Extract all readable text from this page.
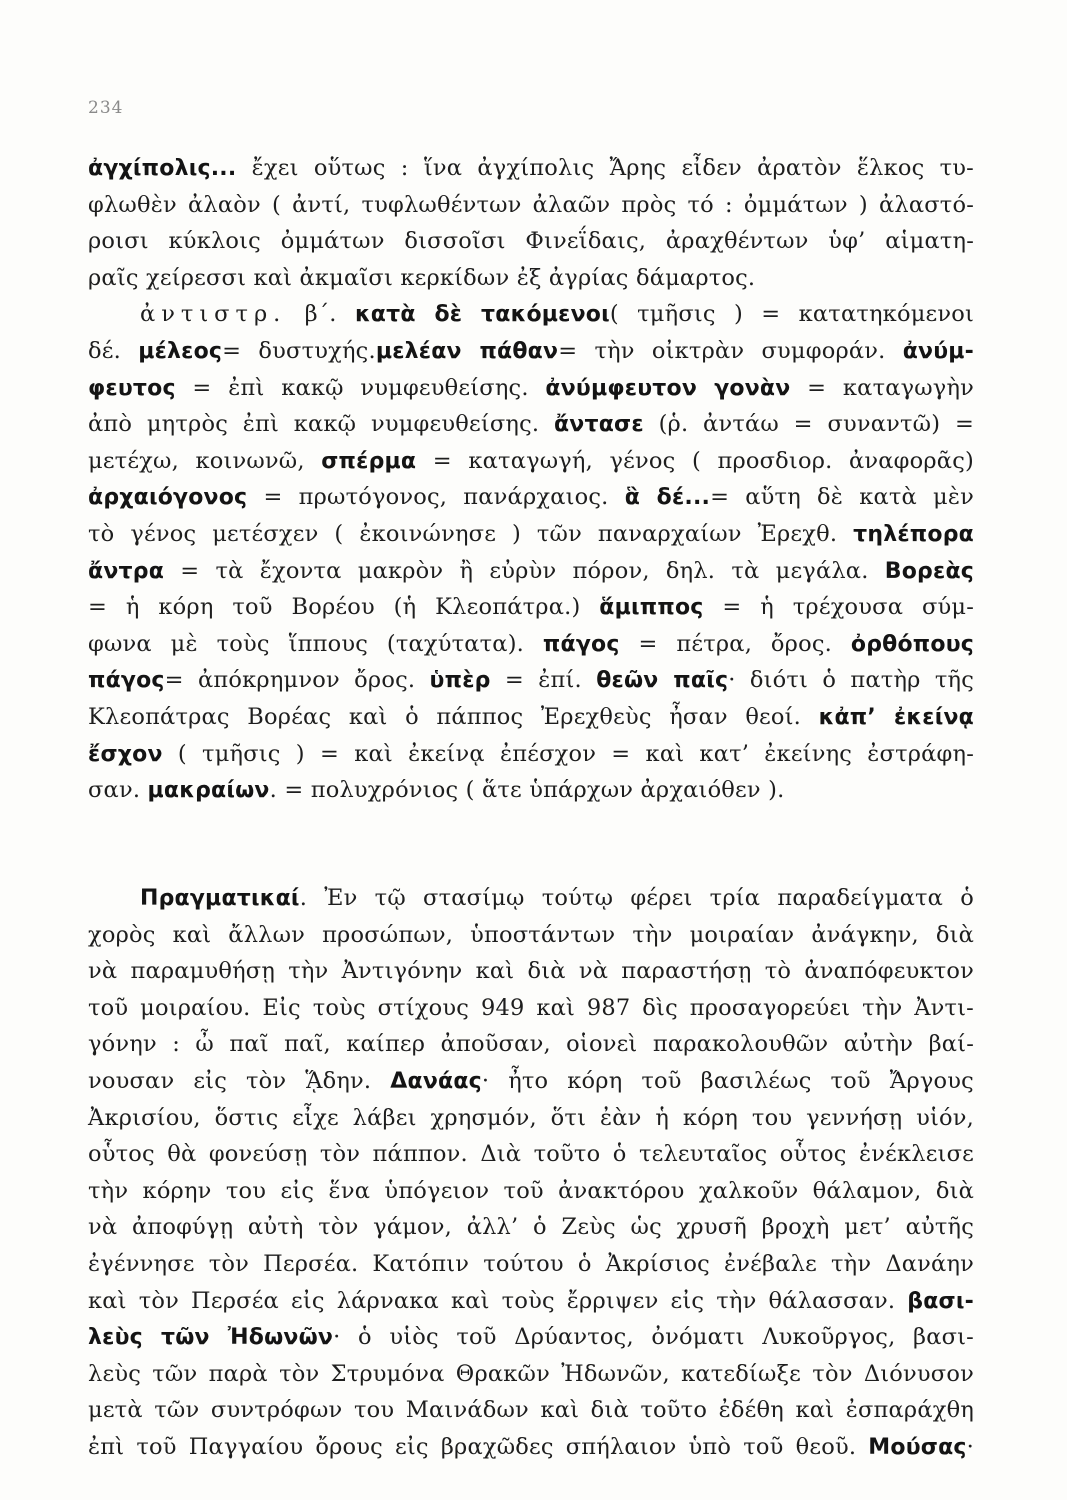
234
ἀγχίπολις... ἔχει οὕτως : ἵνα ἀγχίπολις Ἄρης εἶδεν ἀρατὸν ἕλκος τυ-
φλωθὲν ἀλαὸν ( ἀντί, τυφλωθέντων ἀλαῶν πρὸς τό : ὀμμάτων ) ἀλαστό-
ροισι κύκλοις ὀμμάτων δισσοῖσι Φινεΐδαις, ἀραχθέντων ὑφ’ αἱματη-
ραῖς χείρεσσι καὶ ἀκμαῖσι κερκίδων ἐξ ἀγρίας δάμαρτος.
ἀντιστρ. β΄. κατὰ δὲ τακόμενοι( τμῆσις ) = κατατηκόμενοι
δέ. μέλεος= δυστυχής.μελέαν πάθαν= τὴν οἰκτρὰν συμφοράν. ἀνύμ-
φευτος = ἐπὶ κακῷ νυμφευθείσης. ἀνύμφευτον γονὰν = καταγωγὴν
ἀπὸ μητρὸς ἐπὶ κακῷ νυμφευθείσης. ἄντασε (ῥ. ἀντάω = συναντῶ) =
μετέχω, κοινωνῶ, σπέρμα = καταγωγή, γένος ( προσδιορ. ἀναφορᾶς)
ἀρχαιόγονος = πρωτόγονος, πανάρχαιος. ἃ δέ...= αὕτη δὲ κατὰ μὲν
τὸ γένος μετέσχεν ( ἐκοινώνησε ) τῶν παναρχαίων Ἐρεχθ. τηλέπορα
ἄντρα = τὰ ἔχοντα μακρὸν ἢ εὐρὺν πόρον, δηλ. τὰ μεγάλα. Βορεὰς
= ἡ κόρη τοῦ Βορέου (ἡ Κλεοπάτρα.) ἅμιππος = ἡ τρέχουσα σύμ-
φωνα μὲ τοὺς ἵππους (ταχύτατα). πάγος = πέτρα, ὄρος. ὀρθόπους
πάγος= ἀπόκρημνον ὄρος. ὑπὲρ = ἐπί. θεῶν παῖς· διότι ὁ πατὴρ τῆς
Κλεοπάτρας Βορέας καὶ ὁ πάππος Ἐρεχθεὺς ἦσαν θεοί. κἀπ’ ἐκείνᾳ
ἔσχον ( τμῆσις ) = καὶ ἐκείνᾳ ἐπέσχον = καὶ κατ’ ἐκείνης ἐστράφη-
σαν. μακραίων. = πολυχρόνιος ( ἅτε ὑπάρχων ἀρχαιόθεν ).
Πραγματικαί. Ἐν τῷ στασίμῳ τούτῳ φέρει τρία παραδείγματα ὁ
χορὸς καὶ ἄλλων προσώπων, ὑποστάντων τὴν μοιραίαν ἀνάγκην, διὰ
νὰ παραμυθήσῃ τὴν Ἀντιγόνην καὶ διὰ νὰ παραστήσῃ τὸ ἀναπόφευκτον
τοῦ μοιραίου. Εἰς τοὺς στίχους 949 καὶ 987 δὶς προσαγορεύει τὴν Ἀντι-
γόνην : ὦ παῖ παῖ, καίπερ ἀποῦσαν, οἱονεὶ παρακολουθῶν αὐτὴν βαί-
νουσαν εἰς τὸν ᾍδην. Δανάας· ἦτο κόρη τοῦ βασιλέως τοῦ Ἄργους
Ἀκρισίου, ὅστις εἶχε λάβει χρησμόν, ὅτι ἐὰν ἡ κόρη του γεννήσῃ υἱόν,
οὗτος θὰ φονεύσῃ τὸν πάππον. Διὰ τοῦτο ὁ τελευταῖος οὗτος ἐνέκλεισε
τὴν κόρην του εἰς ἕνα ὑπόγειον τοῦ ἀνακτόρου χαλκοῦν θάλαμον, διὰ
νὰ ἀποφύγῃ αὐτὴ τὸν γάμον, ἀλλ’ ὁ Ζεὺς ὡς χρυσῆ βροχὴ μετ’ αὐτῆς
ἐγέννησε τὸν Περσέα. Κατόπιν τούτου ὁ Ἀκρίσιος ἐνέβαλε τὴν Δανάην
καὶ τὸν Περσέα εἰς λάρνακα καὶ τοὺς ἔρριψεν εἰς τὴν θάλασσαν. βασι-
λεὺς τῶν Ἠδωνῶν· ὁ υἱὸς τοῦ Δρύαντος, ὀνόματι Λυκοῦργος, βασι-
λεὺς τῶν παρὰ τὸν Στρυμόνα Θρακῶν Ἠδωνῶν, κατεδίωξε τὸν Διόνυσον
μετὰ τῶν συντρόφων του Μαινάδων καὶ διὰ τοῦτο ἐδέθη καὶ ἐσπαράχθη
ἐπὶ τοῦ Παγγαίου ὄρους εἰς βραχῶδες σπήλαιον ὑπὸ τοῦ θεοῦ. Μούσας·
